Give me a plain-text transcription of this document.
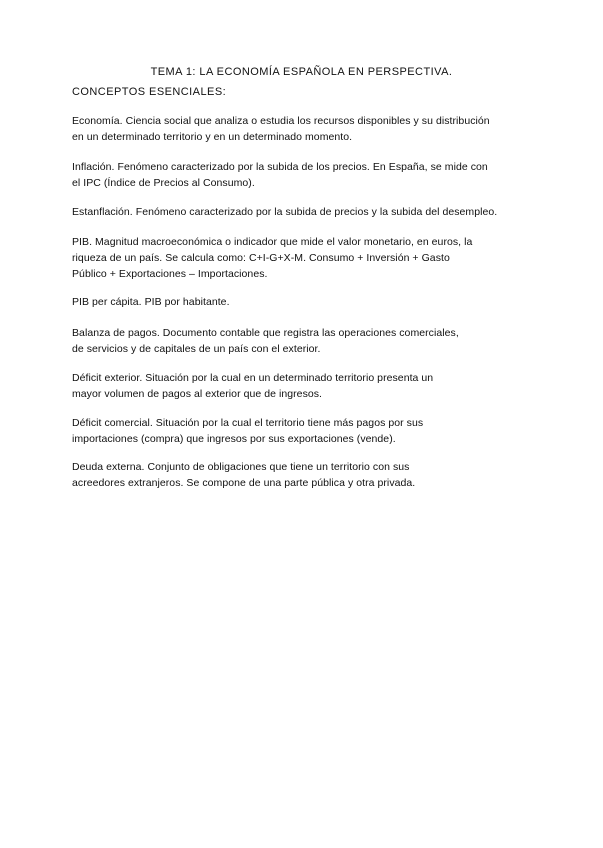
TEMA 1: LA ECONOMÍA ESPAÑOLA EN PERSPECTIVA.
CONCEPTOS ESENCIALES:
Economía. Ciencia social que analiza o estudia los recursos disponibles y su distribución
en un determinado territorio y en un determinado momento.
Inflación. Fenómeno caracterizado por la subida de los precios. En España, se mide con
el IPC (Índice de Precios al Consumo).
Estanflación. Fenómeno caracterizado por la subida de precios y la subida del desempleo.
PIB. Magnitud macroeconómica o indicador que mide el valor monetario, en euros, la
riqueza de un país. Se calcula como: C+I-G+X-M. Consumo + Inversión + Gasto
Público + Exportaciones – Importaciones.
PIB per cápita. PIB por habitante.
Balanza de pagos. Documento contable que registra las operaciones comerciales,
de servicios y de capitales de un país con el exterior.
Déficit exterior. Situación por la cual en un determinado territorio presenta un
mayor volumen de pagos al exterior que de ingresos.
Déficit comercial. Situación por la cual el territorio tiene más pagos por sus
importaciones (compra) que ingresos por sus exportaciones (vende).
Deuda externa. Conjunto de obligaciones que tiene un territorio con sus
acreedores extranjeros. Se compone de una parte pública y otra privada.
